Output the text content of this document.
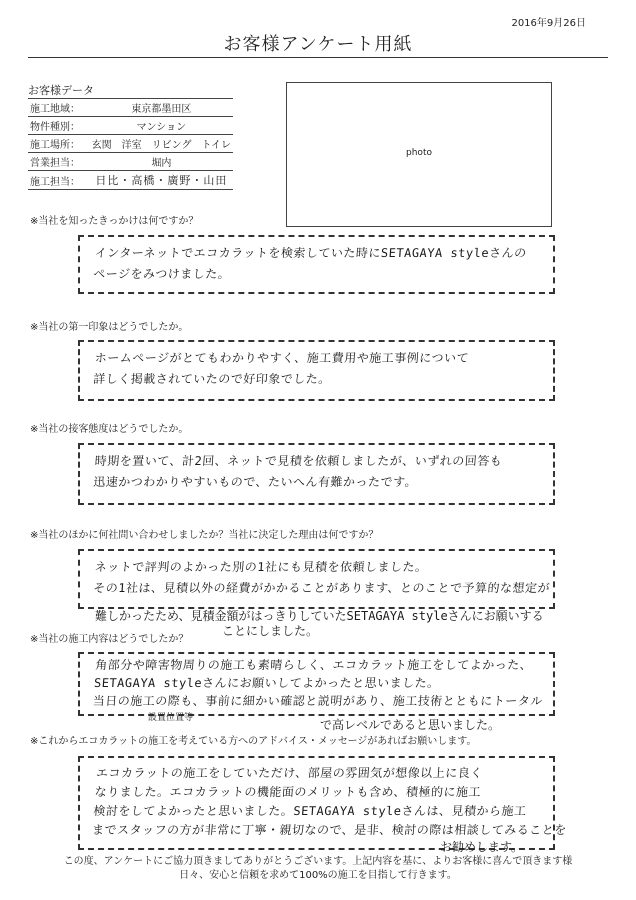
2016年9月26日
お客様アンケート用紙
お客様データ
施工地域：	東京都墨田区
物件種別：	マンション
施工場所：	玄関　洋室　リビング　トイレ
営業担当：	堀内
施工担当：	日比・高橋・廣野・山田
photo
※当社を知ったきっかけは何ですか？
インターネットでエコカラットを検索していた時にSETAGAYA styleさんの
ページをみつけました。
※当社の第一印象はどうでしたか。
ホームページがとてもわかりやすく、施工費用や施工事例について
詳しく掲載されていたので好印象でした。
※当社の接客態度はどうでしたか。
時期を置いて、計2回、ネットで見積を依頼しましたが、いずれの回答も
迅速かつわかりやすいもので、たいへん有難かったです。
※当社のほかに何社問い合わせしましたか？当社に決定した理由は何ですか？
ネットで評判のよかった別の1社にも見積を依頼しました。
その1社は、見積以外の経費がかかることがあります、とのことで予算的な想定が
難しかったため、見積金額がはっきりしていたSETAGAYA styleさんにお願いする
ことにしました。
※当社の施工内容はどうでしたか？
角部分や障害物周りの施工も素晴らしく、エコカラット施工をしてよかった、
SETAGAYA styleさんにお願いしてよかったと思いました。
当日の施工の際も、事前に細かい確認と説明があり、施工技術とともにトータル
設置位置等	で高レベルであると思いました。
※これからエコカラットの施工を考えている方へのアドバイス・メッセージがあればお願いします。
エコカラットの施工をしていただけ、部屋の雰囲気が想像以上に良く
なりました。エコカラットの機能面のメリットも含め、積極的に施工
検討をしてよかったと思いました。SETAGAYA styleさんは、見積から施工
までスタッフの方が非常に丁寧・親切なので、是非、検討の際は相談してみることを
お勧めします。
この度、アンケートにご協力頂きましてありがとうございます。上記内容を基に、よりお客様に喜んで頂きます様
日々、安心と信頼を求めて100%の施工を目指して行きます。
